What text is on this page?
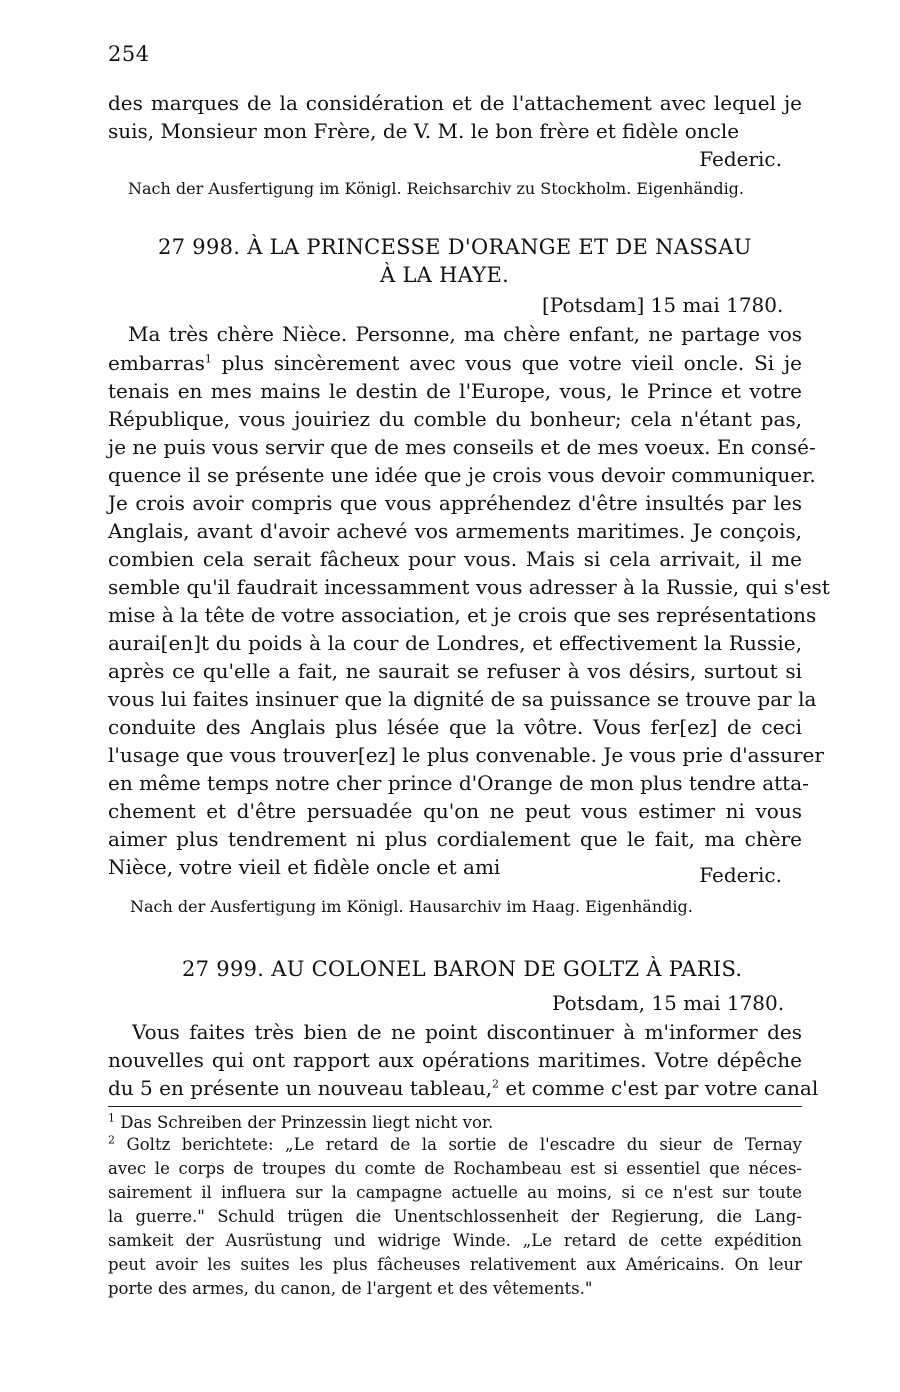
254
des marques de la considération et de l'attachement avec lequel je
suis, Monsieur mon Frère, de V. M. le bon frère et fidèle oncle
Federic.
Nach der Ausfertigung im Königl. Reichsarchiv zu Stockholm. Eigenhändig.
27 998. À LA PRINCESSE D'ORANGE ET DE NASSAU
À LA HAYE.
[Potsdam] 15 mai 1780.
Ma très chère Nièce. Personne, ma chère enfant, ne partage vos
embarras$^1$ plus sincèrement avec vous que votre vieil oncle. Si je
tenais en mes mains le destin de l'Europe, vous, le Prince et votre
République, vous jouiriez du comble du bonheur; cela n'étant pas,
je ne puis vous servir que de mes conseils et de mes voeux. En consé-
quence il se présente une idée que je crois vous devoir communiquer.
Je crois avoir compris que vous appréhendez d'être insultés par les
Anglais, avant d'avoir achevé vos armements maritimes. Je conçois,
combien cela serait fâcheux pour vous. Mais si cela arrivait, il me
semble qu'il faudrait incessamment vous adresser à la Russie, qui s'est
mise à la tête de votre association, et je crois que ses représentations
aurai[en]t du poids à la cour de Londres, et effectivement la Russie,
après ce qu'elle a fait, ne saurait se refuser à vos désirs, surtout si
vous lui faites insinuer que la dignité de sa puissance se trouve par la
conduite des Anglais plus lésée que la vôtre. Vous fer[ez] de ceci
l'usage que vous trouver[ez] le plus convenable. Je vous prie d'assurer
en même temps notre cher prince d'Orange de mon plus tendre atta-
chement et d'être persuadée qu'on ne peut vous estimer ni vous
aimer plus tendrement ni plus cordialement que le fait, ma chère
Nièce, votre vieil et fidèle oncle et ami	Federic.
Nach der Ausfertigung im Königl. Hausarchiv im Haag. Eigenhändig.
27 999. AU COLONEL BARON DE GOLTZ À PARIS.
Potsdam, 15 mai 1780.
Vous faites très bien de ne point discontinuer à m'informer des
nouvelles qui ont rapport aux opérations maritimes. Votre dépêche
du 5 en présente un nouveau tableau,$^2$ et comme c'est par votre canal
$^1$ Das Schreiben der Prinzessin liegt nicht vor.
$^2$ Goltz berichtete: „Le retard de la sortie de l'escadre du sieur de Ternay
avec le corps de troupes du comte de Rochambeau est si essentiel que néces-
sairement il influera sur la campagne actuelle au moins, si ce n'est sur toute
la guerre." Schuld trügen die Unentschlossenheit der Regierung, die Lang-
samkeit der Ausrüstung und widrige Winde. „Le retard de cette expédition
peut avoir les suites les plus fâcheuses relativement aux Américains. On leur
porte des armes, du canon, de l'argent et des vêtements."
